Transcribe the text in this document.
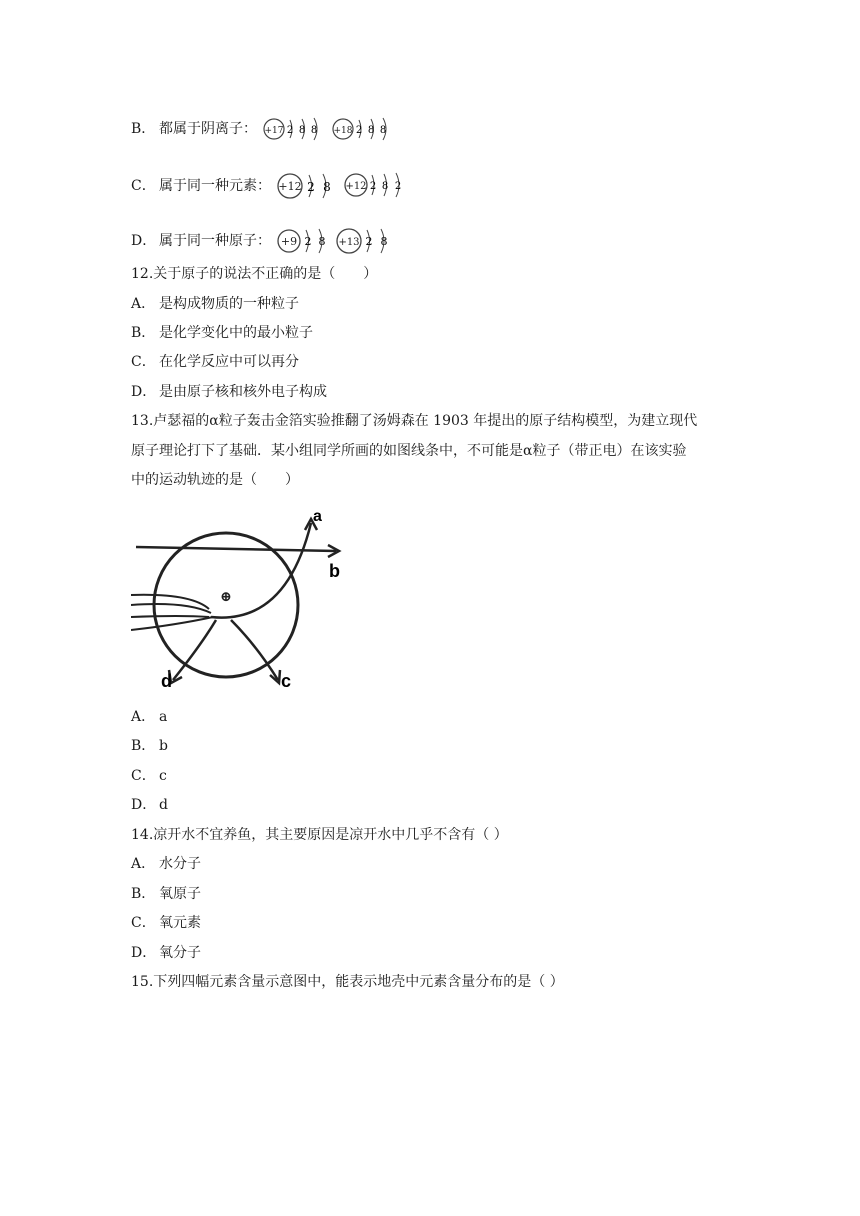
B． 都属于阴离子： +17 2 8 8
+18 2 8 8
C． 属于同一种元素： +12 2 8
+12 2 8 2
D． 属于同一种原子： +9 2 8
+13 2 8
12.关于原子的说法不正确的是（　　）
A． 是构成物质的一种粒子
B． 是化学变化中的最小粒子
C． 在化学反应中可以再分
D． 是由原子核和核外电子构成
13.卢瑟福的α粒子轰击金箔实验推翻了汤姆森在 1903 年提出的原子结构模型，为建立现代
原子理论打下了基础．某小组同学所画的如图线条中，不可能是α粒子（带正电）在该实验
中的运动轨迹的是（　　）
⊕
a
b
c
d
A． a
B． b
C． c
D． d
14.凉开水不宜养鱼，其主要原因是凉开水中几乎不含有（ ）
A． 水分子
B． 氧原子
C． 氧元素
D． 氧分子
15.下列四幅元素含量示意图中，能表示地壳中元素含量分布的是（ ）
